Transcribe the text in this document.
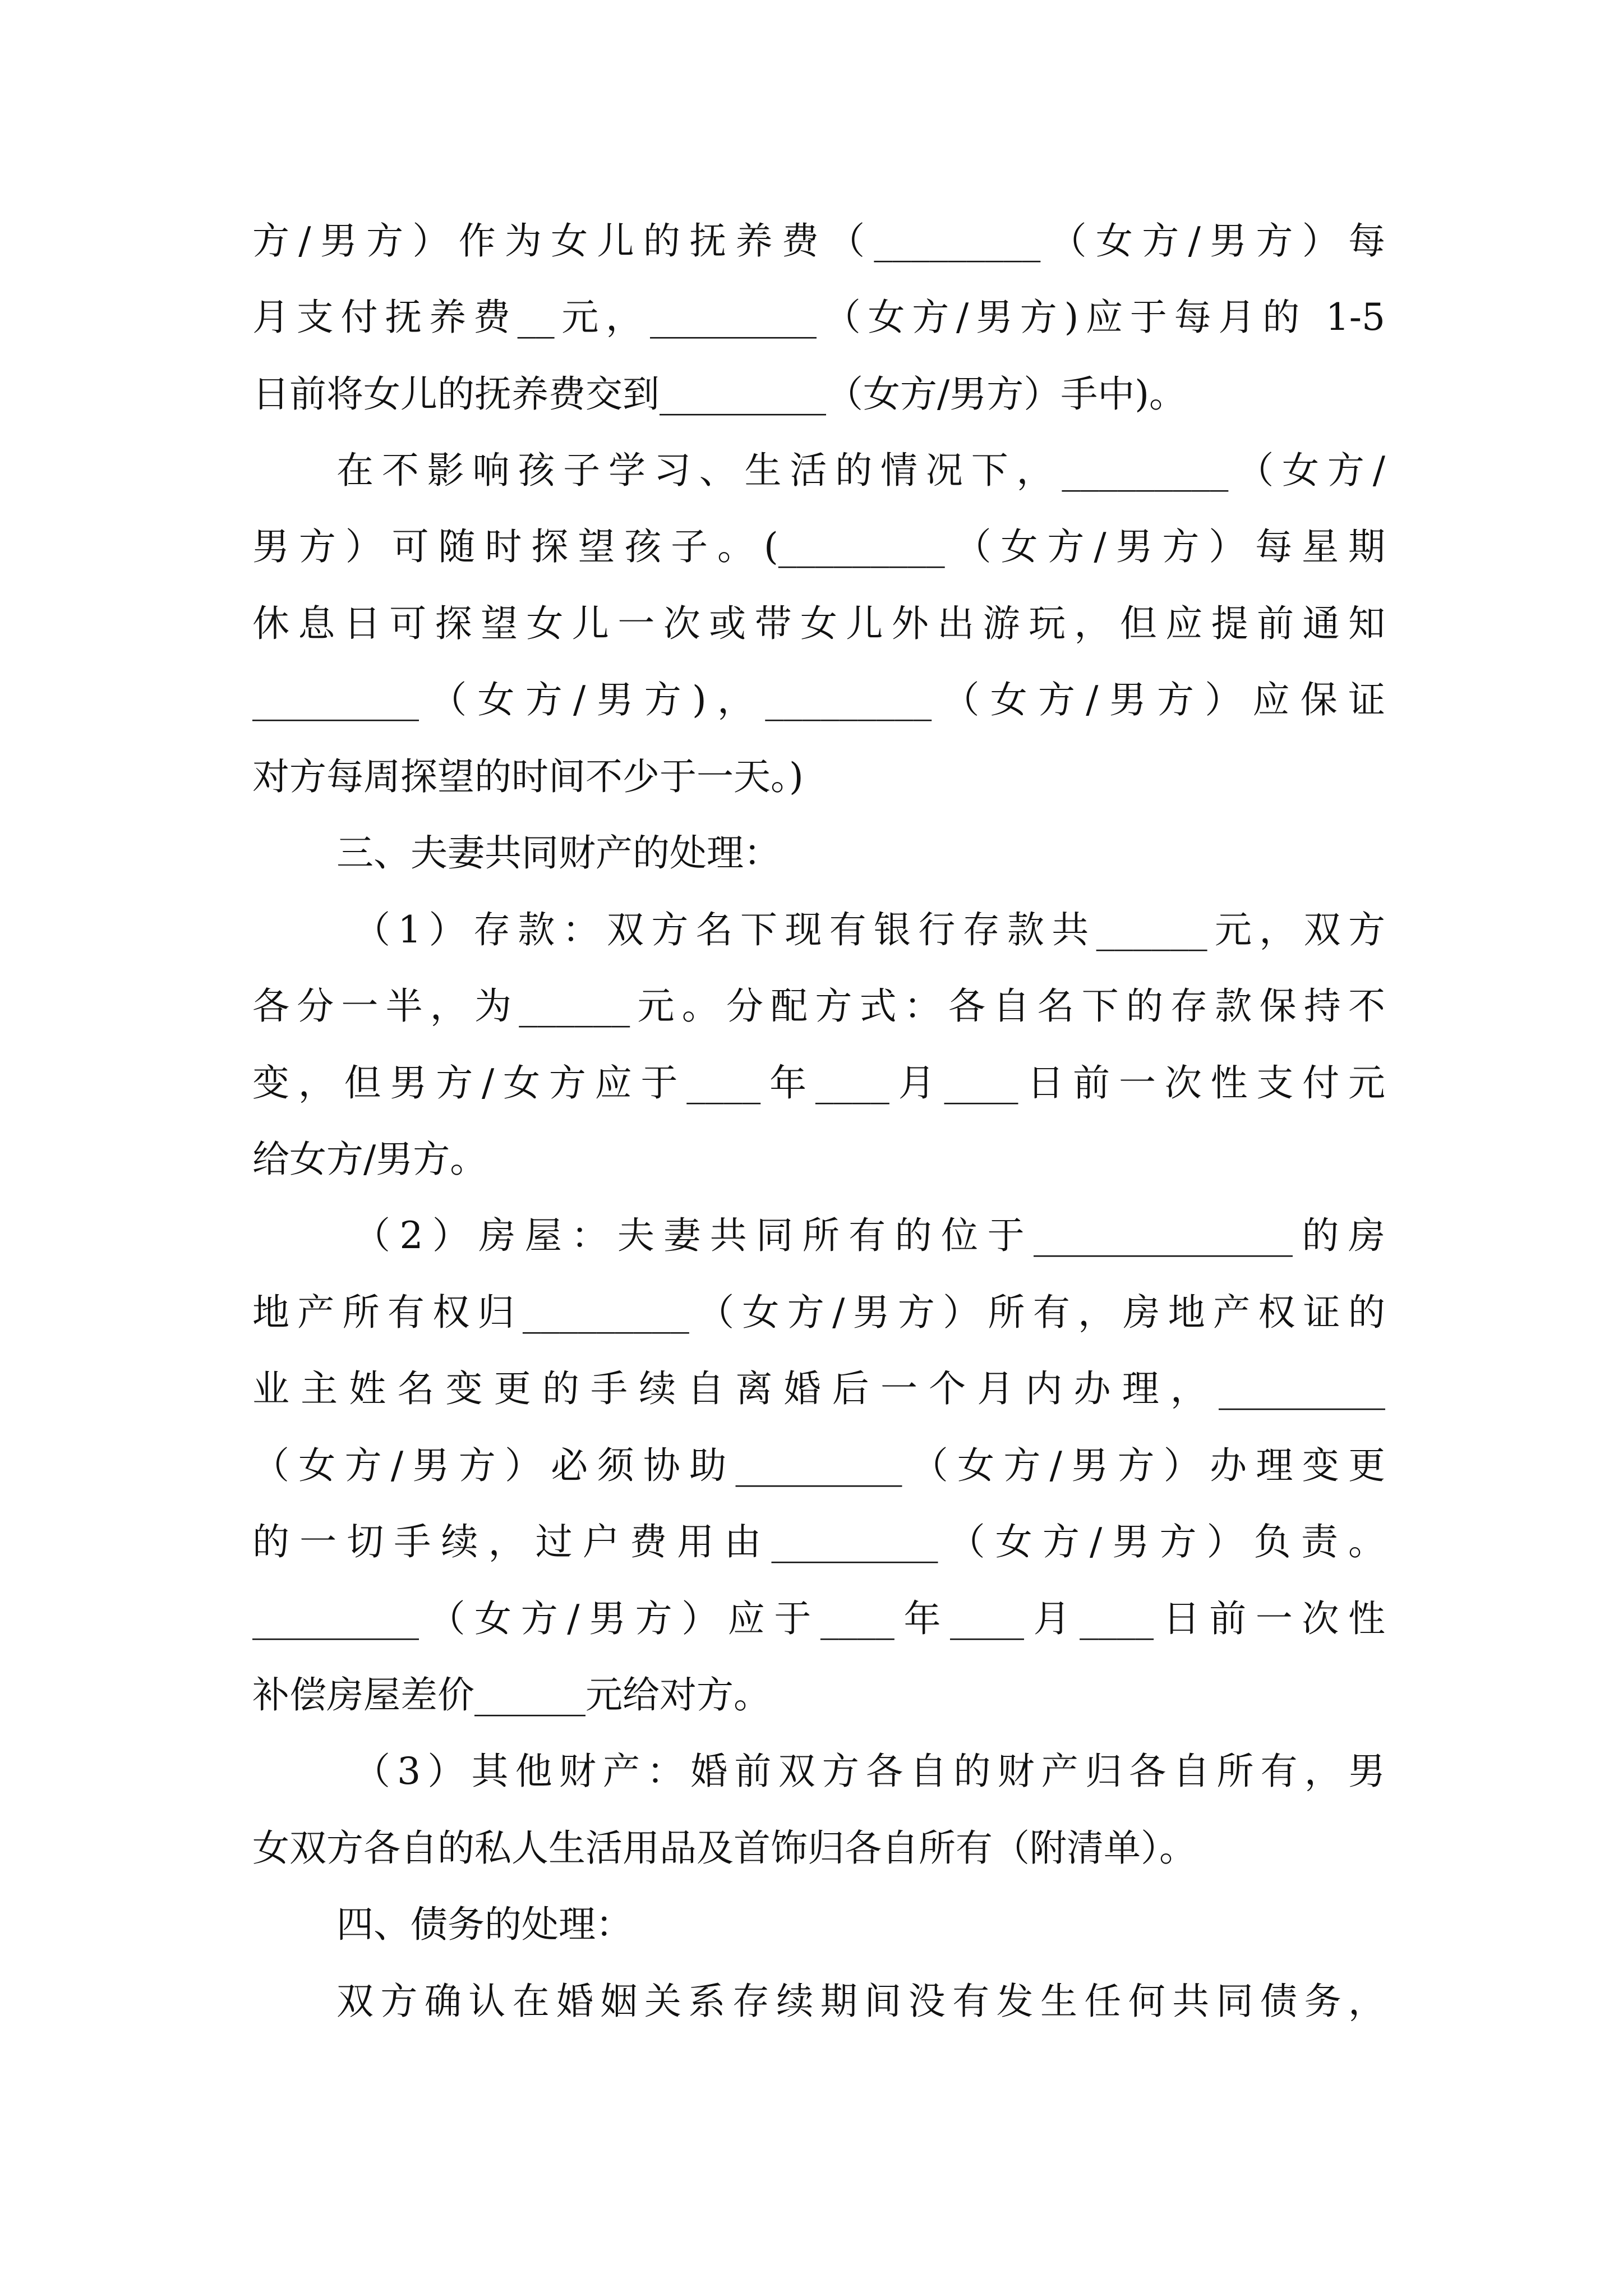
方/男方）作为女儿的抚养费（_________（女方/男方）每
月支付抚养费__元，_________（女方/男方)应于每月的 1-5
日前将女儿的抚养费交到_________（女方/男方）手中)。
在不影响孩子学习、生活的情况下，_________（女方/
男方）可随时探望孩子。(_________（女方/男方）每星期
休息日可探望女儿一次或带女儿外出游玩，但应提前通知
_________（女方/男方)，_________（女方/男方）应保证
对方每周探望的时间不少于一天。)
三、夫妻共同财产的处理：
（1）存款：双方名下现有银行存款共______元，双方
各分一半，为______元。分配方式：各自名下的存款保持不
变，但男方/女方应于____年____月____日前一次性支付元
给女方/男方。
（2）房屋：夫妻共同所有的位于______________的房
地产所有权归_________（女方/男方）所有，房地产权证的
业主姓名变更的手续自离婚后一个月内办理，_________
（女方/男方）必须协助_________（女方/男方）办理变更
的一切手续，过户费用由_________（女方/男方）负责。
_________（女方/男方）应于____年____月____日前一次性
补偿房屋差价______元给对方。
（3）其他财产：婚前双方各自的财产归各自所有，男
女双方各自的私人生活用品及首饰归各自所有（附清单）。
四、债务的处理：
双方确认在婚姻关系存续期间没有发生任何共同债务，
